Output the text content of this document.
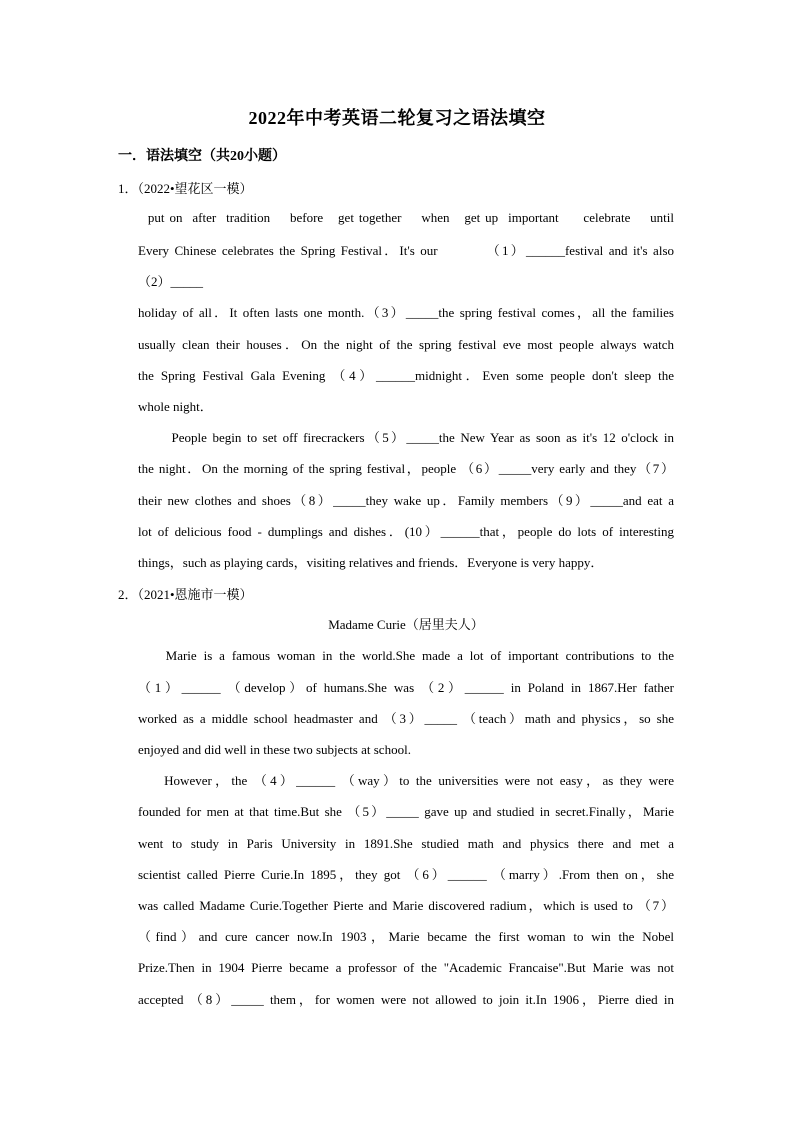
2022年中考英语二轮复习之语法填空
一．语法填空（共20小题）
1．（2022•望花区一模）
put on  after  tradition    before   get together    when   get up  important     celebrate    until
Every Chinese celebrates the Spring Festival．It's our         （1）______festival and it's also
（2）_____
holiday of all．It often lasts one month.（3）_____the spring festival comes，all the families
usually clean their houses．On the night of the spring festival eve most people always watch
the Spring Festival Gala Evening （4）______midnight．Even some people don't sleep the
whole night．
People begin to set off firecrackers（5）_____the New Year as soon as it's 12 o'clock in
the night．On the morning of the spring festival，people （6）_____very early and they（7）
their new clothes and shoes（8）_____they wake up．Family members（9）_____and eat a
lot of delicious food - dumplings and dishes．(10）______that，people do lots of interesting
things，such as playing cards，visiting relatives and friends．Everyone is very happy．
2．（2021•恩施市一模）
Madame Curie（居里夫人）
Marie is a famous woman in the world.She made a lot of important contributions to the
（1）______ （develop）of humans.She was （2）______ in Poland in 1867.Her father
worked as a middle school headmaster and （3）_____ （teach）math and physics，so she
enjoyed and did well in these two subjects at school.
However，the （4）______ （way）to the universities were not easy，as they were
founded for men at that time.But she （5）_____ gave up and studied in secret.Finally，Marie
went to study in Paris University in 1891.She studied math and physics there and met a
scientist called Pierre Curie.In 1895，they got （6）______ （marry）.From then on，she
was called Madame Curie.Together Pierte and Marie discovered radium，which is used to （7）
（find）and cure cancer now.In 1903，Marie became the first woman to win the Nobel
Prize.Then in 1904 Pierre became a professor of the "Academic Francaise".But Marie was not
accepted （8）_____ them，for women were not allowed to join it.In 1906，Pierre died in
